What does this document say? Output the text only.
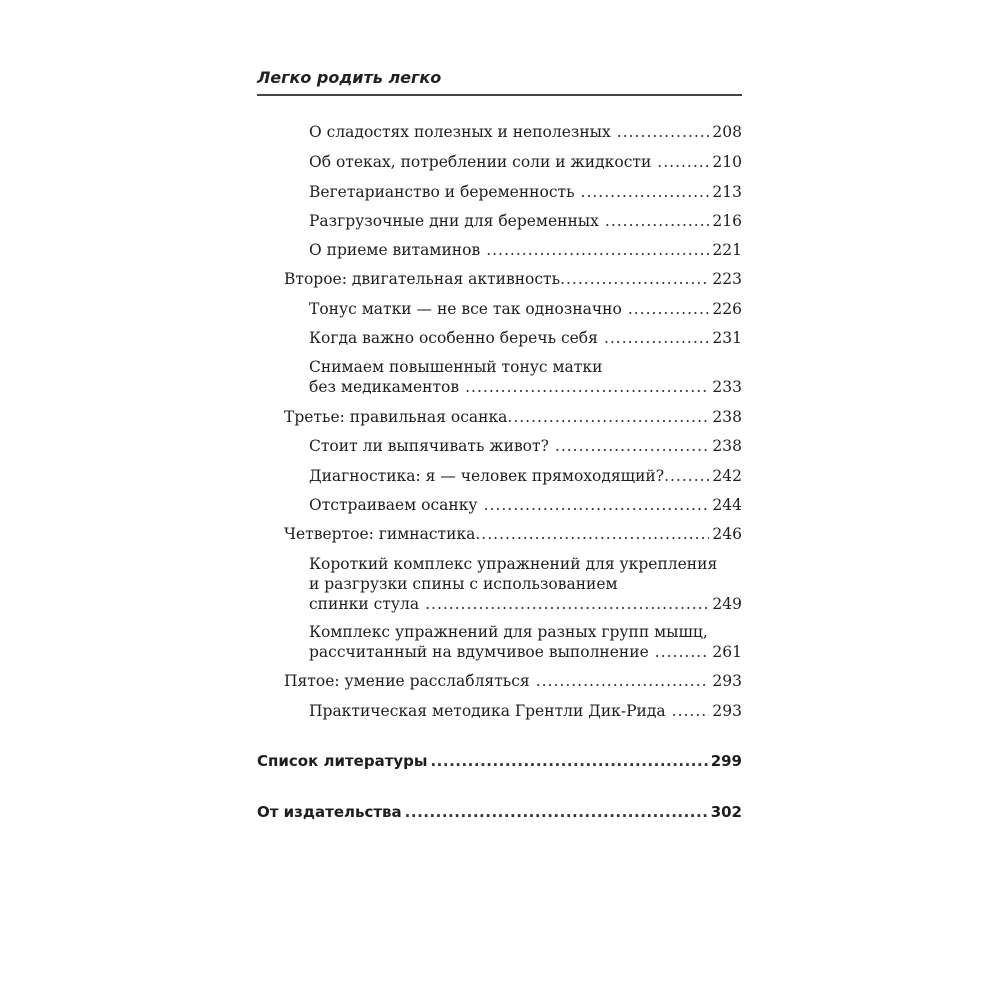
Легко родить легко
О сладостях полезных и неполезных .....	208
Об отеках, потреблении соли и жидкости .....	210
Вегетарианство и беременность .....	213
Разгрузочные дни для беременных .....	216
О приеме витаминов .....	221
Второе: двигательная активность .....	223
Тонус матки — не все так однозначно .....	226
Когда важно особенно беречь себя .....	231
Снимаем повышенный тонус матки
без медикаментов .....	233
Третье: правильная осанка .....	238
Стоит ли выпячивать живот? .....	238
Диагностика: я — человек прямоходящий? .....	242
Отстраиваем осанку .....	244
Четвертое: гимнастика .....	246
Короткий комплекс упражнений для укрепления
и разгрузки спины с использованием
спинки стула .....	249
Комплекс упражнений для разных групп мышц,
рассчитанный на вдумчивое выполнение .....	261
Пятое: умение расслабляться .....	293
Практическая методика Грентли Дик-Рида .....	293
Список литературы .....	299
От издательства .....	302
